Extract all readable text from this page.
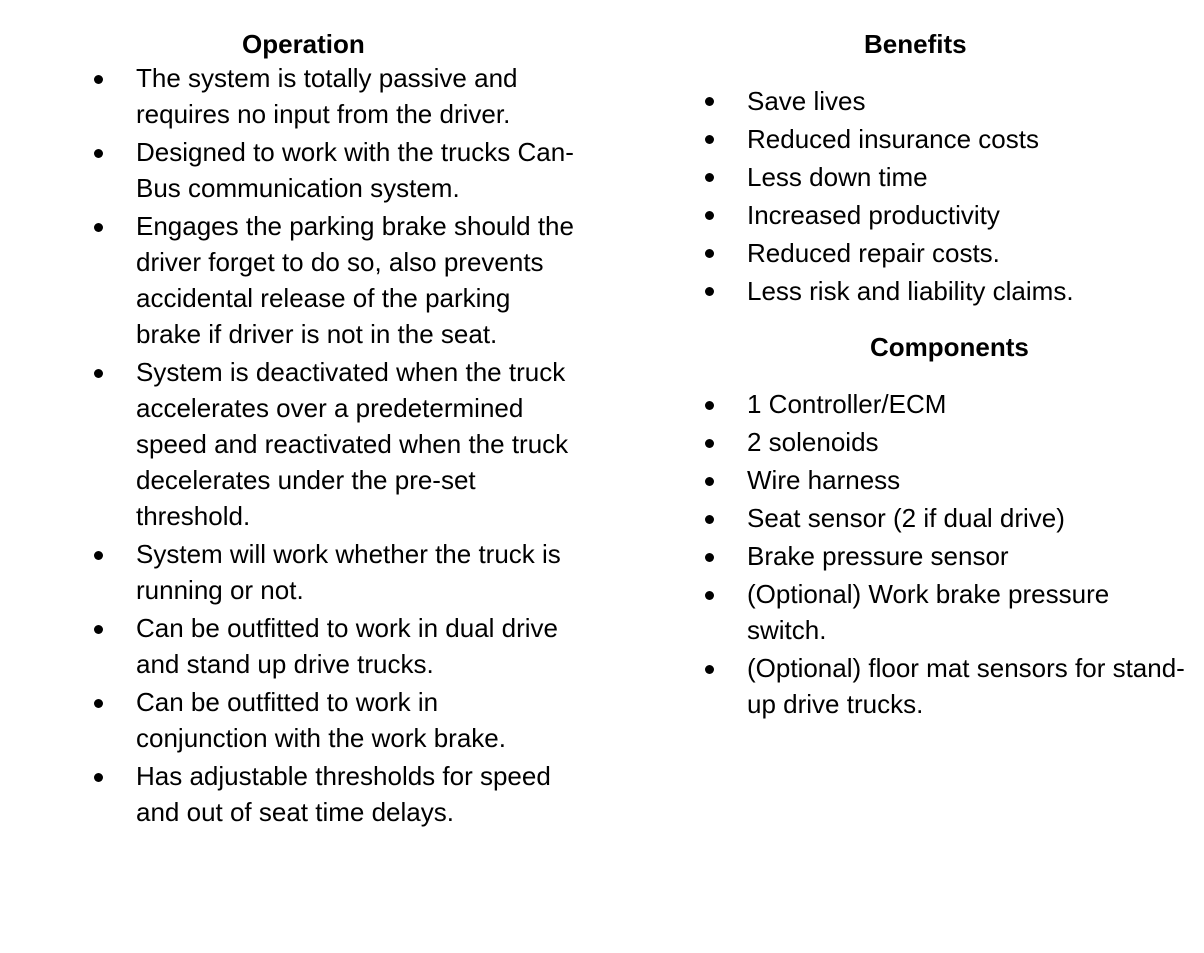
Operation
The system is totally passive and requires no input from the driver.
Designed to work with the trucks Can-Bus communication system.
Engages the parking brake should the driver forget to do so, also prevents accidental release of the parking brake if driver is not in the seat.
System is deactivated when the truck accelerates over a predetermined speed and reactivated when the truck decelerates under the pre-set threshold.
System will work whether the truck is running or not.
Can be outfitted to work in dual drive and stand up drive trucks.
Can be outfitted to work in conjunction with the work brake.
Has adjustable thresholds for speed and out of seat time delays.
Benefits
Save lives
Reduced insurance costs
Less down time
Increased productivity
Reduced repair costs.
Less risk and liability claims.
Components
1 Controller/ECM
2 solenoids
Wire harness
Seat sensor (2 if dual drive)
Brake pressure sensor
(Optional) Work brake pressure switch.
(Optional) floor mat sensors for stand-up drive trucks.
